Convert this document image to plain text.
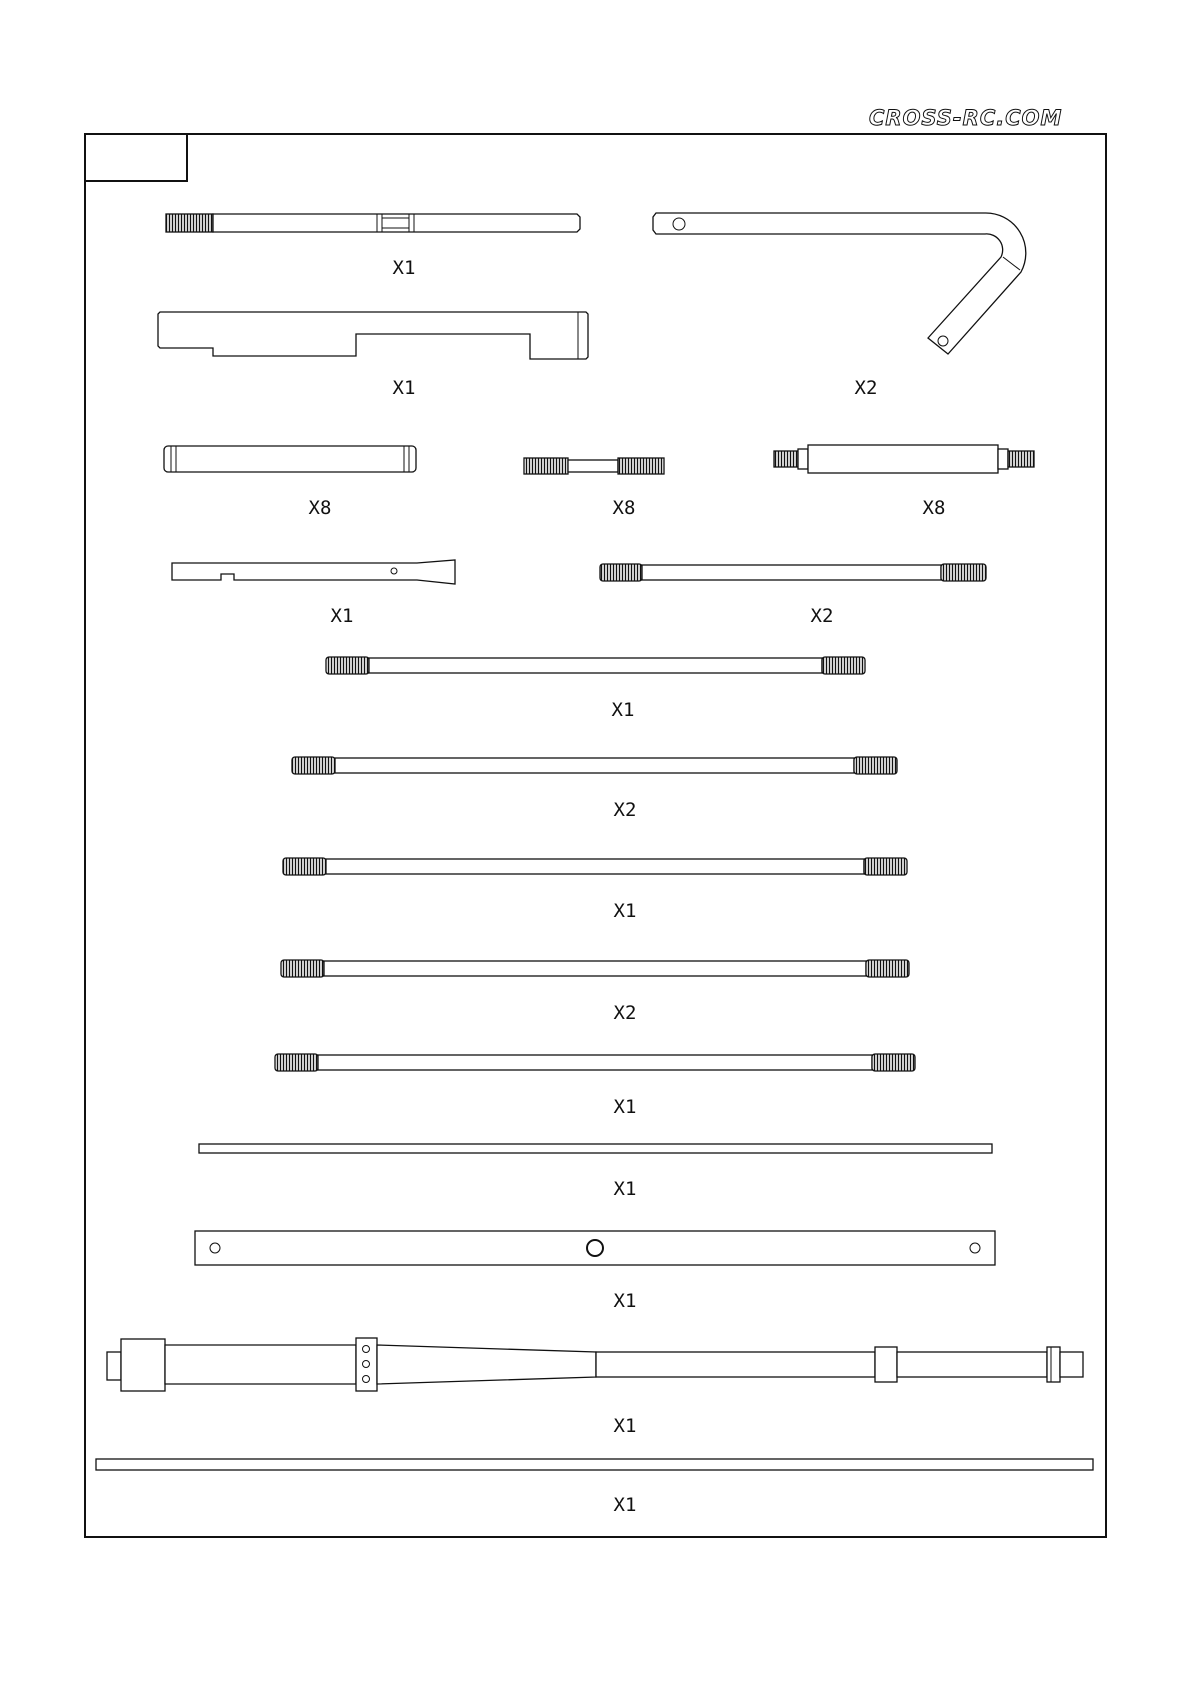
CROSS-RC.COM
X1
X1	X2
X8	X8	X8
X1	X2
X1
X2
X1
X2
X1
X1
X1
X1
X1
